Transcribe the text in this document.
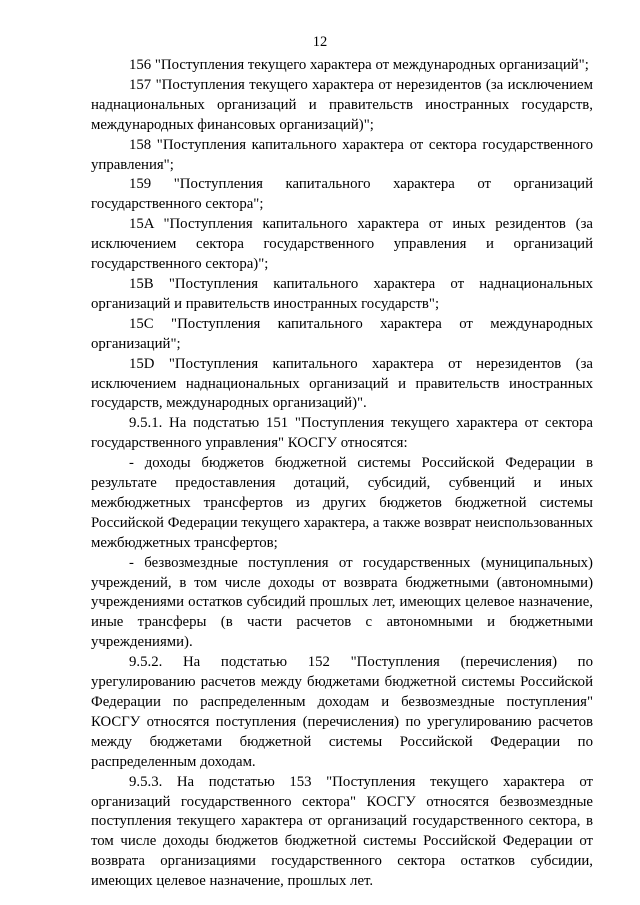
12

156 "Поступления текущего характера от международных организаций";

157 "Поступления текущего характера от нерезидентов (за исключением наднациональных организаций и правительств иностранных государств, международных финансовых организаций)";

158 "Поступления капитального характера от сектора государственного управления";

159 "Поступления капитального характера от организаций государственного сектора";

15A "Поступления капитального характера от иных резидентов (за исключением сектора государственного управления и организаций государственного сектора)";

15B "Поступления капитального характера от наднациональных организаций и правительств иностранных государств";

15C "Поступления капитального характера от международных организаций";

15D "Поступления капитального характера от нерезидентов (за исключением наднациональных организаций и правительств иностранных государств, международных организаций)".

9.5.1. На подстатью 151 "Поступления текущего характера от сектора государственного управления" КОСГУ относятся:

- доходы бюджетов бюджетной системы Российской Федерации в результате предоставления дотаций, субсидий, субвенций и иных межбюджетных трансфертов из других бюджетов бюджетной системы Российской Федерации текущего характера, а также возврат неиспользованных межбюджетных трансфертов;

- безвозмездные поступления от государственных (муниципальных) учреждений, в том числе доходы от возврата бюджетными (автономными) учреждениями остатков субсидий прошлых лет, имеющих целевое назначение, иные трансферы (в части расчетов с автономными и бюджетными учреждениями).

9.5.2. На подстатью 152 "Поступления (перечисления) по урегулированию расчетов между бюджетами бюджетной системы Российской Федерации по распределенным доходам и безвозмездные поступления" КОСГУ относятся поступления (перечисления) по урегулированию расчетов между бюджетами бюджетной системы Российской Федерации по распределенным доходам.

9.5.3. На подстатью 153 "Поступления текущего характера от организаций государственного сектора" КОСГУ относятся безвозмездные поступления текущего характера от организаций государственного сектора, в том числе доходы бюджетов бюджетной системы Российской Федерации от возврата организациями государственного сектора остатков субсидии, имеющих целевое назначение, прошлых лет.
